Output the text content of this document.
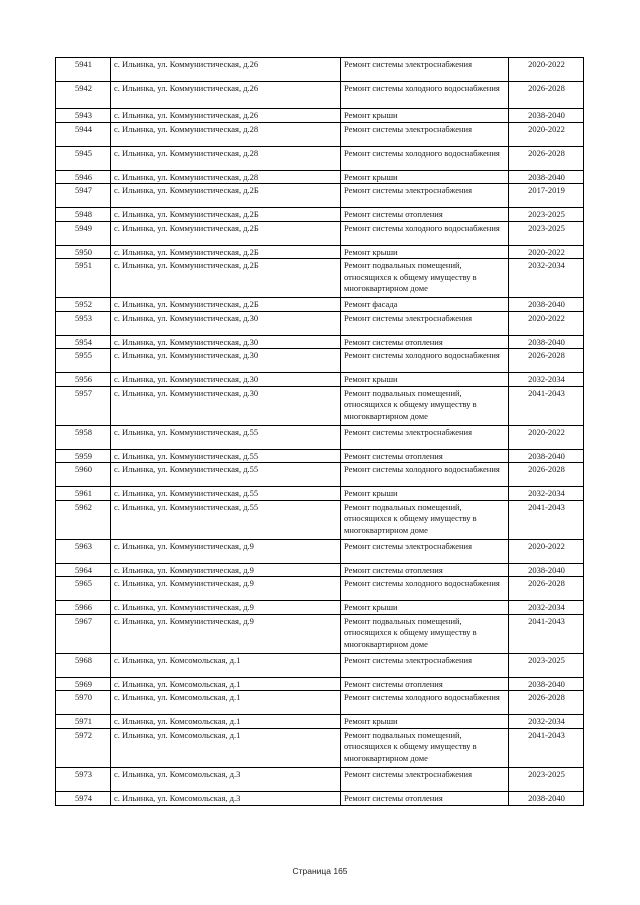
5941	с. Ильинка, ул. Коммунистическая, д.26	Ремонт системы электроснабжения	2020-2022
5942	с. Ильинка, ул. Коммунистическая, д.26	Ремонт системы холодного водоснабжения	2026-2028
5943	с. Ильинка, ул. Коммунистическая, д.26	Ремонт крыши	2038-2040
5944	с. Ильинка, ул. Коммунистическая, д.28	Ремонт системы электроснабжения	2020-2022
5945	с. Ильинка, ул. Коммунистическая, д.28	Ремонт системы холодного водоснабжения	2026-2028
5946	с. Ильинка, ул. Коммунистическая, д.28	Ремонт крыши	2038-2040
5947	с. Ильинка, ул. Коммунистическая, д.2Б	Ремонт системы электроснабжения	2017-2019
5948	с. Ильинка, ул. Коммунистическая, д.2Б	Ремонт системы отопления	2023-2025
5949	с. Ильинка, ул. Коммунистическая, д.2Б	Ремонт системы холодного водоснабжения	2023-2025
5950	с. Ильинка, ул. Коммунистическая, д.2Б	Ремонт крыши	2020-2022
5951	с. Ильинка, ул. Коммунистическая, д.2Б	Ремонт подвальных помещений, относящихся к общему имуществу в многоквартирном доме	2032-2034
5952	с. Ильинка, ул. Коммунистическая, д.2Б	Ремонт фасада	2038-2040
5953	с. Ильинка, ул. Коммунистическая, д.30	Ремонт системы электроснабжения	2020-2022
5954	с. Ильинка, ул. Коммунистическая, д.30	Ремонт системы отопления	2038-2040
5955	с. Ильинка, ул. Коммунистическая, д.30	Ремонт системы холодного водоснабжения	2026-2028
5956	с. Ильинка, ул. Коммунистическая, д.30	Ремонт крыши	2032-2034
5957	с. Ильинка, ул. Коммунистическая, д.30	Ремонт подвальных помещений, относящихся к общему имуществу в многоквартирном доме	2041-2043
5958	с. Ильинка, ул. Коммунистическая, д.55	Ремонт системы электроснабжения	2020-2022
5959	с. Ильинка, ул. Коммунистическая, д.55	Ремонт системы отопления	2038-2040
5960	с. Ильинка, ул. Коммунистическая, д.55	Ремонт системы холодного водоснабжения	2026-2028
5961	с. Ильинка, ул. Коммунистическая, д.55	Ремонт крыши	2032-2034
5962	с. Ильинка, ул. Коммунистическая, д.55	Ремонт подвальных помещений, относящихся к общему имуществу в многоквартирном доме	2041-2043
5963	с. Ильинка, ул. Коммунистическая, д.9	Ремонт системы электроснабжения	2020-2022
5964	с. Ильинка, ул. Коммунистическая, д.9	Ремонт системы отопления	2038-2040
5965	с. Ильинка, ул. Коммунистическая, д.9	Ремонт системы холодного водоснабжения	2026-2028
5966	с. Ильинка, ул. Коммунистическая, д.9	Ремонт крыши	2032-2034
5967	с. Ильинка, ул. Коммунистическая, д.9	Ремонт подвальных помещений, относящихся к общему имуществу в многоквартирном доме	2041-2043
5968	с. Ильинка, ул. Комсомольская, д.1	Ремонт системы электроснабжения	2023-2025
5969	с. Ильинка, ул. Комсомольская, д.1	Ремонт системы отопления	2038-2040
5970	с. Ильинка, ул. Комсомольская, д.1	Ремонт системы холодного водоснабжения	2026-2028
5971	с. Ильинка, ул. Комсомольская, д.1	Ремонт крыши	2032-2034
5972	с. Ильинка, ул. Комсомольская, д.1	Ремонт подвальных помещений, относящихся к общему имуществу в многоквартирном доме	2041-2043
5973	с. Ильинка, ул. Комсомольская, д.3	Ремонт системы электроснабжения	2023-2025
5974	с. Ильинка, ул. Комсомольская, д.3	Ремонт системы отопления	2038-2040
Страница 165
